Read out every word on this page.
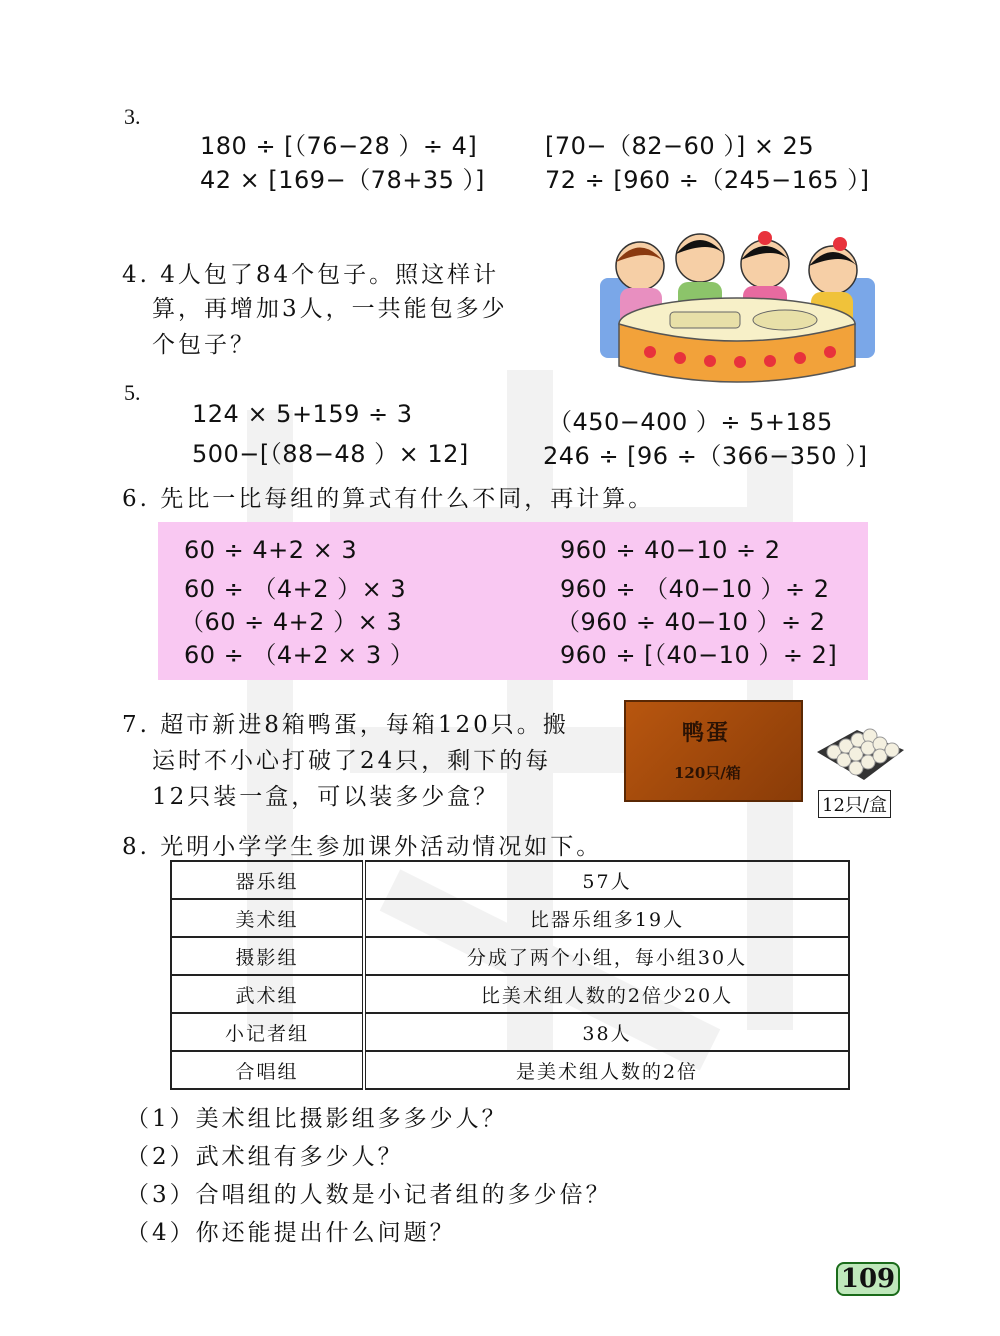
3.
180 ÷ [（76−28 ）÷ 4]
42 × [169−（78+35 ）]
[70−（82−60 ）] × 25
72 ÷ [960 ÷（245−165 ）]
4. 4人包了84个包子。照这样计
算，再增加3人，一共能包多少
个包子？
5.
124 × 5+159 ÷ 3
500−[（88−48 ）× 12]
（450−400 ）÷ 5+185
246 ÷ [96 ÷（366−350 ）]
6. 先比一比每组的算式有什么不同，再计算。
60 ÷ 4+2 × 3
60 ÷ （4+2 ）× 3
（60 ÷ 4+2 ）× 3
60 ÷ （4+2 × 3 ）
960 ÷ 40−10 ÷ 2
960 ÷ （40−10 ）÷ 2
（960 ÷ 40−10 ）÷ 2
960 ÷ [（40−10 ）÷ 2]
7. 超市新进8箱鸭蛋，每箱120只。搬
运时不小心打破了24只，剩下的每
12只装一盒，可以装多少盒？
鸭蛋
120只/箱
12只/盒
8. 光明小学学生参加课外活动情况如下。
器乐组	57人
美术组	比器乐组多19人
摄影组	分成了两个小组，每小组30人
武术组	比美术组人数的2倍少20人
小记者组	38人
合唱组	是美术组人数的2倍
（1）美术组比摄影组多多少人？
（2）武术组有多少人？
（3）合唱组的人数是小记者组的多少倍？
（4）你还能提出什么问题？
109
